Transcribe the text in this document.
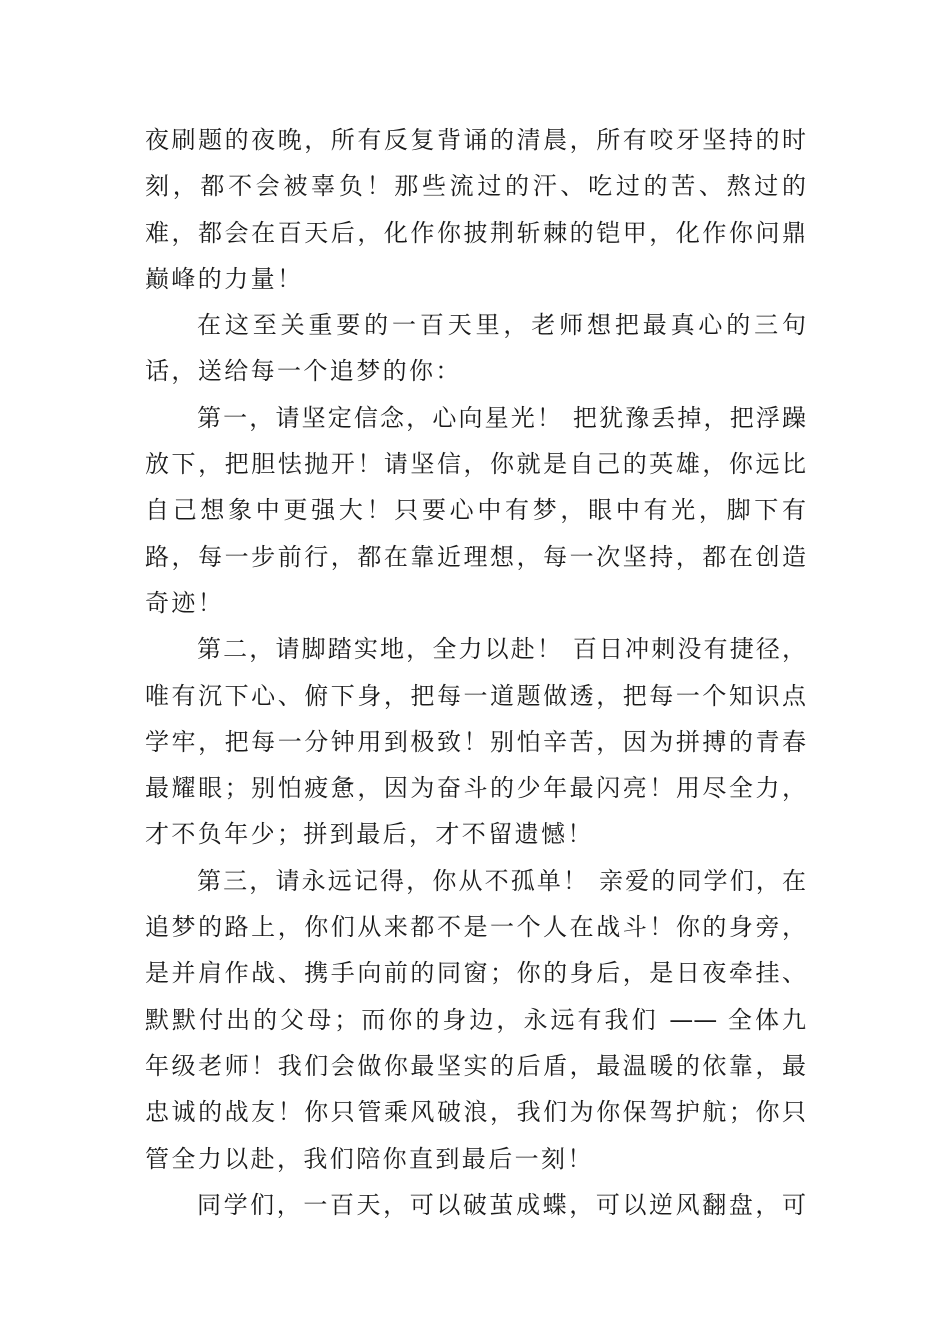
夜刷题的夜晚，所有反复背诵的清晨，所有咬牙坚持的时
刻，都不会被辜负！那些流过的汗、吃过的苦、熬过的
难，都会在百天后，化作你披荆斩棘的铠甲，化作你问鼎
巅峰的力量！
在这至关重要的一百天里，老师想把最真心的三句
话，送给每一个追梦的你：
第一，请坚定信念，心向星光！ 把犹豫丢掉，把浮躁
放下，把胆怯抛开！请坚信，你就是自己的英雄，你远比
自己想象中更强大！只要心中有梦，眼中有光，脚下有
路，每一步前行，都在靠近理想，每一次坚持，都在创造
奇迹！
第二，请脚踏实地，全力以赴！ 百日冲刺没有捷径，
唯有沉下心、俯下身，把每一道题做透，把每一个知识点
学牢，把每一分钟用到极致！别怕辛苦，因为拼搏的青春
最耀眼；别怕疲惫，因为奋斗的少年最闪亮！用尽全力，
才不负年少；拼到最后，才不留遗憾！
第三，请永远记得，你从不孤单！ 亲爱的同学们，在
追梦的路上，你们从来都不是一个人在战斗！你的身旁，
是并肩作战、携手向前的同窗；你的身后，是日夜牵挂、
默默付出的父母；而你的身边，永远有我们 —— 全体九
年级老师！我们会做你最坚实的后盾，最温暖的依靠，最
忠诚的战友！你只管乘风破浪，我们为你保驾护航；你只
管全力以赴，我们陪你直到最后一刻！
同学们，一百天，可以破茧成蝶，可以逆风翻盘，可
